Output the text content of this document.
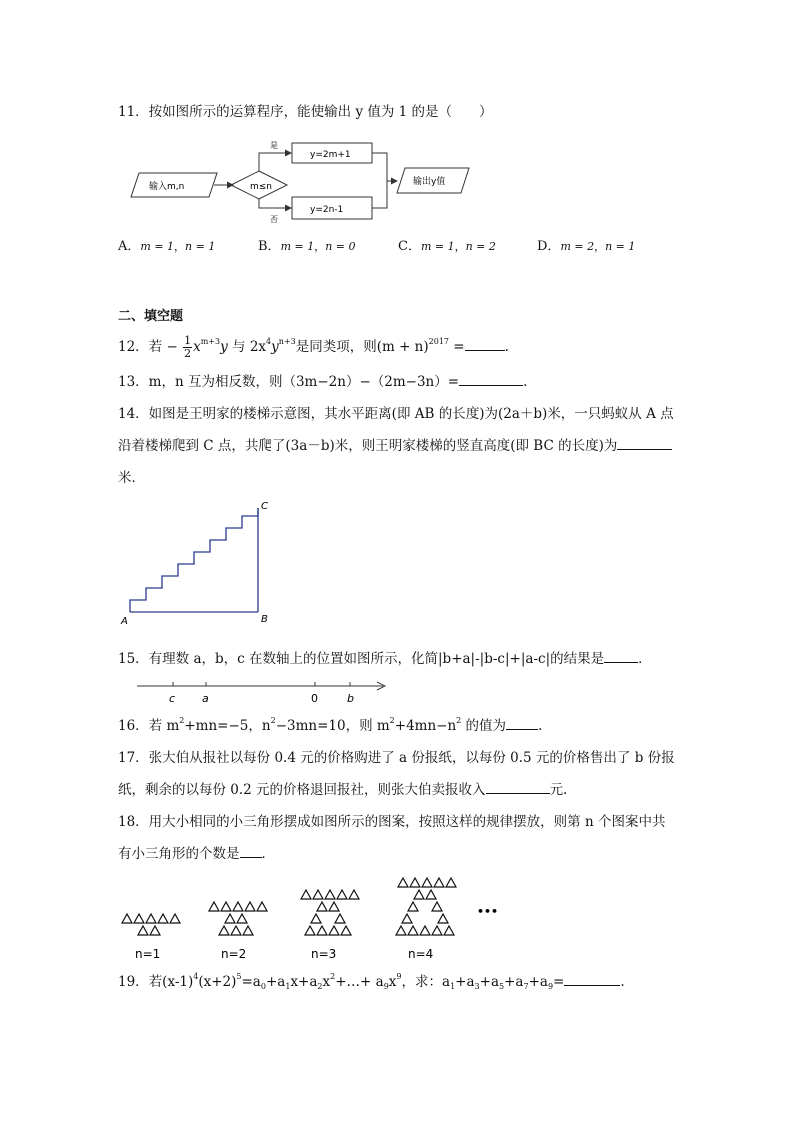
11．按如图所示的运算程序，能使输出 y 值为 1 的是（　　）
输入m,n	m≤n
是
否
y=2m+1
y=2n-1
输出y值
A．m = 1，n = 1	B．m = 1，n = 0	C．m = 1，n = 2	D．m = 2，n = 1
二、填空题
12．若 − $\frac{1}{2} x^{m+3}y$ 与 $2x^4y^{n+3}$是同类项，则$(m + n)^{2017}$ =	.
13．m，n 互为相反数，则（3m−2n）−（2m−3n）=	.
14．如图是王明家的楼梯示意图，其水平距离(即 AB 的长度)为(2a＋b)米，一只蚂蚁从 A 点
沿着楼梯爬到 C 点，共爬了(3a－b)米，则王明家楼梯的竖直高度(即 BC 的长度)为
米．
A	B
C
15．有理数 a，b，c 在数轴上的位置如图所示，化简|b+a|-|b-c|+|a-c|的结果是	．
c a	0	b
16．若 $m^2+mn=-5$，$n^2-3mn=10$，则 $m^2+4mn-n^2$ 的值为 .
17．张大伯从报社以每份 0.4 元的价格购进了 a 份报纸，以每份 0.5 元的价格售出了 b 份报
纸，剩余的以每份 0.2 元的价格退回报社，则张大伯卖报收入	元.
18．用大小相同的小三角形摆成如图所示的图案，按照这样的规律摆放，则第 n 个图案中共
有小三角形的个数是 ．
•••
n=1	n=2	n=3	n=4
19．若$(x-1)^4(x+2)^5=a_0+a_1x+a_2x^2+\dots+ a_9x^9$，求：$a_1+a_3+a_5+a_7+a_9=$	.
